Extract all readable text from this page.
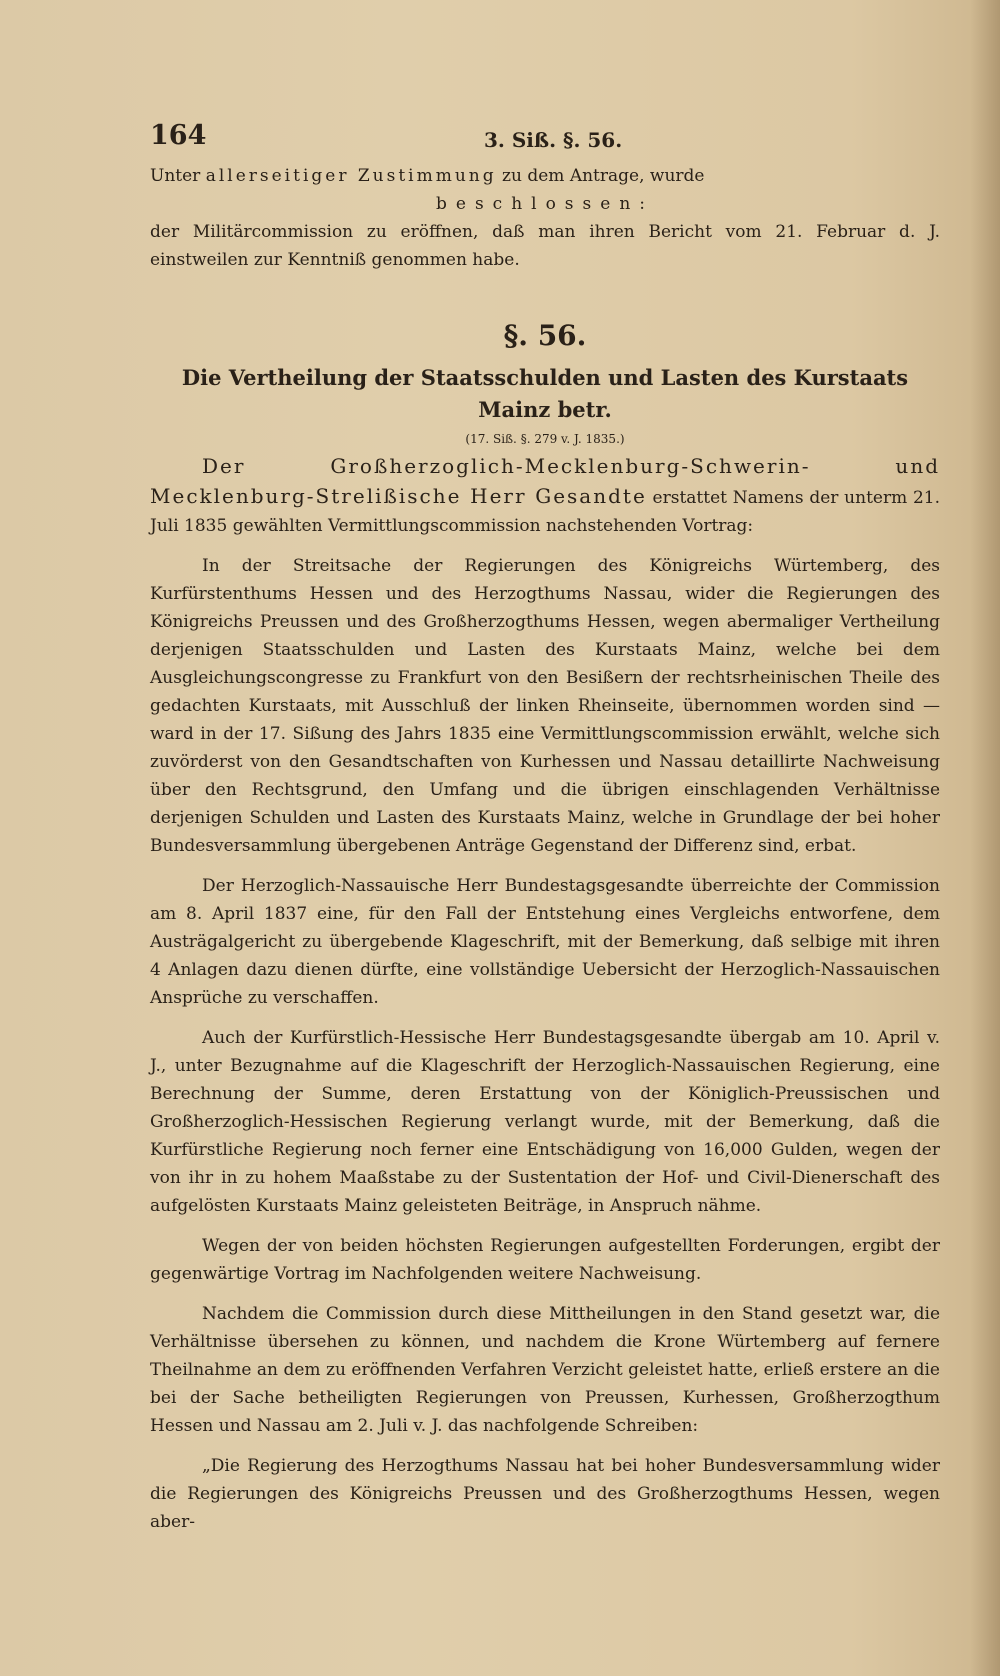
164	3. Siß. §. 56.

Unter allerseitiger Zustimmung zu dem Antrage, wurde
beschlossen:

der Militärcommission zu eröffnen, daß man ihren Bericht vom 21. Februar d. J. einstweilen zur Kenntniß genommen habe.

§. 56.
Die Vertheilung der Staatsschulden und Lasten des Kurstaats Mainz betr.
(17. Siß. §. 279 v. J. 1835.)

Der Großherzoglich-Mecklenburg-Schwerin- und Mecklenburg-Strelißische Herr Gesandte erstattet Namens der unterm 21. Juli 1835 gewählten Vermittlungscommission nachstehenden Vortrag:

In der Streitsache der Regierungen des Königreichs Würtemberg, des Kurfürstenthums Hessen und des Herzogthums Nassau, wider die Regierungen des Königreichs Preussen und des Großherzogthums Hessen, wegen abermaliger Vertheilung derjenigen Staatsschulden und Lasten des Kurstaats Mainz, welche bei dem Ausgleichungscongresse zu Frankfurt von den Besißern der rechtsrheinischen Theile des gedachten Kurstaats, mit Ausschluß der linken Rheinseite, übernommen worden sind — ward in der 17. Sißung des Jahrs 1835 eine Vermittlungscommission erwählt, welche sich zuvörderst von den Gesandtschaften von Kurhessen und Nassau detaillirte Nachweisung über den Rechtsgrund, den Umfang und die übrigen einschlagenden Verhältnisse derjenigen Schulden und Lasten des Kurstaats Mainz, welche in Grundlage der bei hoher Bundesversammlung übergebenen Anträge Gegenstand der Differenz sind, erbat.

Der Herzoglich-Nassauische Herr Bundestagsgesandte überreichte der Commission am 8. April 1837 eine, für den Fall der Entstehung eines Vergleichs entworfene, dem Austrägalgericht zu übergebende Klageschrift, mit der Bemerkung, daß selbige mit ihren 4 Anlagen dazu dienen dürfte, eine vollständige Uebersicht der Herzoglich-Nassauischen Ansprüche zu verschaffen.

Auch der Kurfürstlich-Hessische Herr Bundestagsgesandte übergab am 10. April v. J., unter Bezugnahme auf die Klageschrift der Herzoglich-Nassauischen Regierung, eine Berechnung der Summe, deren Erstattung von der Königlich-Preussischen und Großherzoglich-Hessischen Regierung verlangt wurde, mit der Bemerkung, daß die Kurfürstliche Regierung noch ferner eine Entschädigung von 16,000 Gulden, wegen der von ihr in zu hohem Maaßstabe zu der Sustentation der Hof- und Civil-Dienerschaft des aufgelösten Kurstaats Mainz geleisteten Beiträge, in Anspruch nähme.

Wegen der von beiden höchsten Regierungen aufgestellten Forderungen, ergibt der gegenwärtige Vortrag im Nachfolgenden weitere Nachweisung.

Nachdem die Commission durch diese Mittheilungen in den Stand gesetzt war, die Verhältnisse übersehen zu können, und nachdem die Krone Würtemberg auf fernere Theilnahme an dem zu eröffnenden Verfahren Verzicht geleistet hatte, erließ erstere an die bei der Sache betheiligten Regierungen von Preussen, Kurhessen, Großherzogthum Hessen und Nassau am 2. Juli v. J. das nachfolgende Schreiben:

„Die Regierung des Herzogthums Nassau hat bei hoher Bundesversammlung wider die Regierungen des Königreichs Preussen und des Großherzogthums Hessen, wegen aber-
